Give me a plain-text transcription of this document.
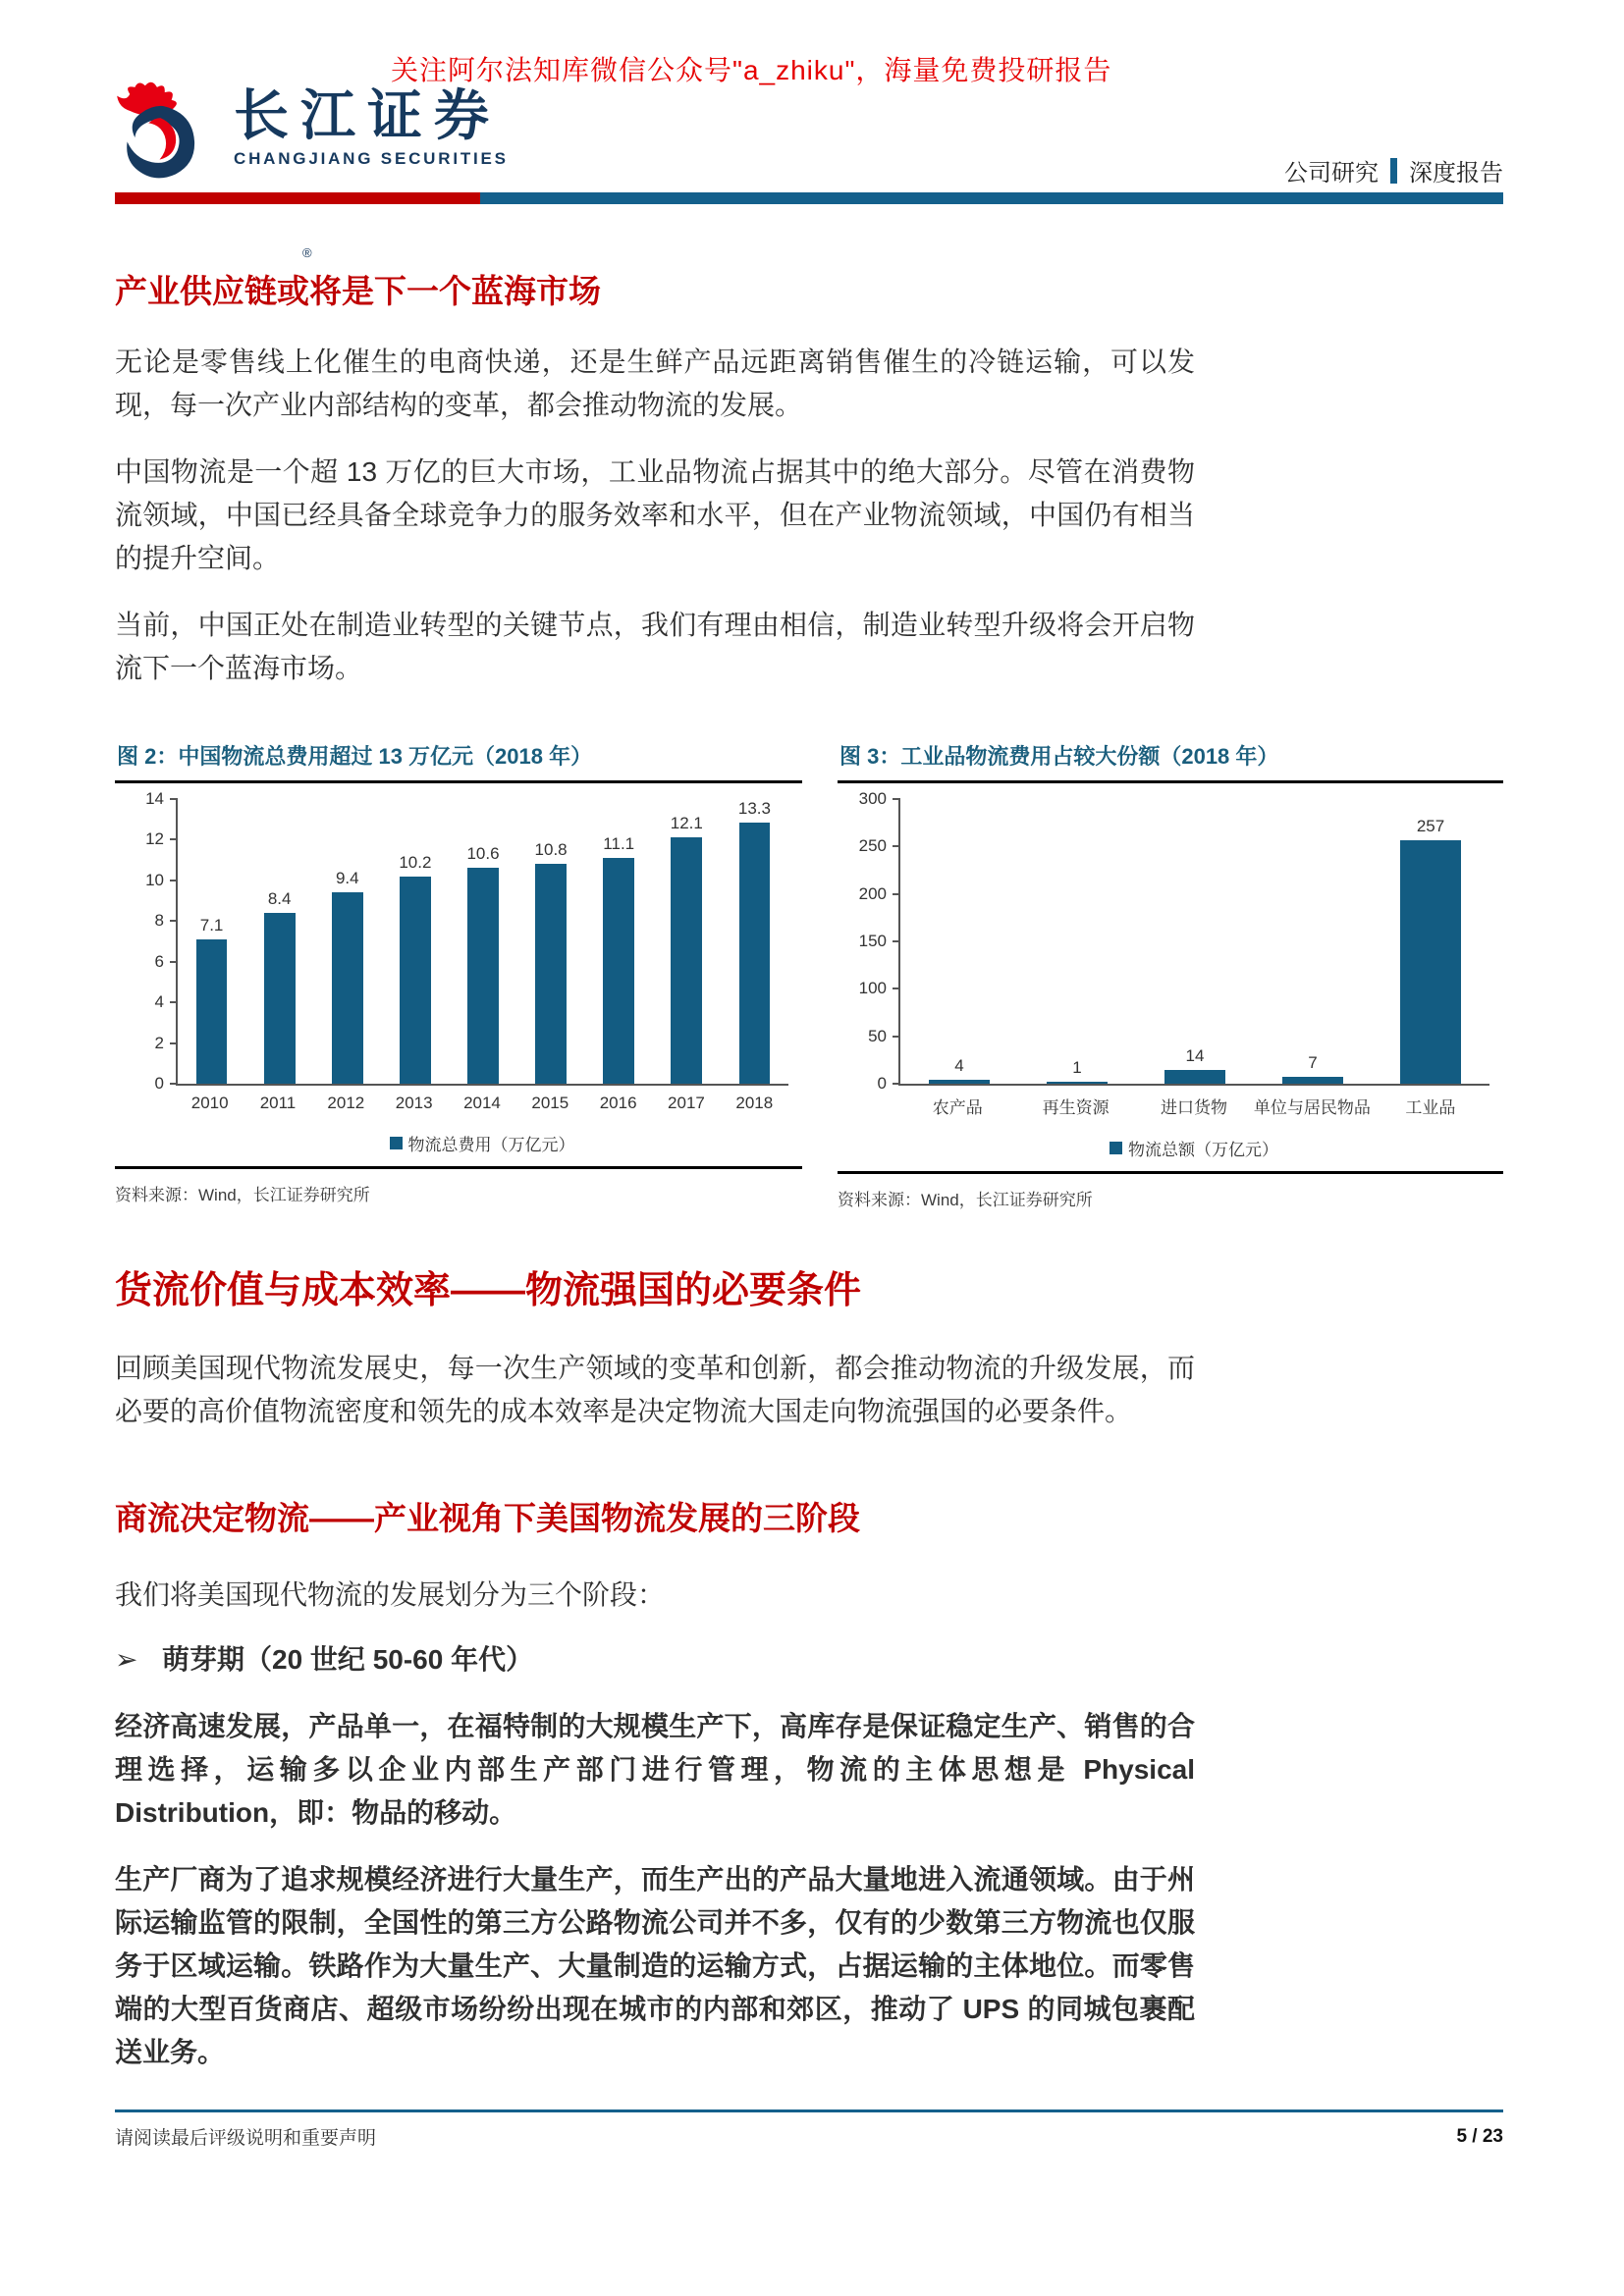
关注阿尔法知库微信公众号"a_zhiku"，海量免费投研报告
®
长江证券
CHANGJIANG SECURITIES
公司研究 深度报告
产业供应链或将是下一个蓝海市场

无论是零售线上化催生的电商快递，还是生鲜产品远距离销售催生的冷链运输，可以发现，每一次产业内部结构的变革，都会推动物流的发展。

中国物流是一个超 13 万亿的巨大市场，工业品物流占据其中的绝大部分。尽管在消费物流领域，中国已经具备全球竞争力的服务效率和水平，但在产业物流领域，中国仍有相当的提升空间。

当前，中国正处在制造业转型的关键节点，我们有理由相信，制造业转型升级将会开启物流下一个蓝海市场。

图 2：中国物流总费用超过 13 万亿元（2018 年）
7.1
8.4
9.4
10.2 10.6 10.8 11.1
12.1
13.3
0
2
4
6
8
10
12
14
2010	2011	2012	2013	2014	2015	2016	2017	2018
物流总费用（万亿元）
资料来源：Wind，长江证券研究所
图 3：工业品物流费用占较大份额（2018 年）
4	1
14	7
257
0
50
100
150
200
250
300
农产品	再生资源	进口货物	单位与居民物品	工业品
物流总额（万亿元）
资料来源：Wind，长江证券研究所
货流价值与成本效率——物流强国的必要条件

回顾美国现代物流发展史，每一次生产领域的变革和创新，都会推动物流的升级发展，而必要的高价值物流密度和领先的成本效率是决定物流大国走向物流强国的必要条件。

商流决定物流——产业视角下美国物流发展的三阶段

我们将美国现代物流的发展划分为三个阶段：

➢ 萌芽期（20 世纪 50-60 年代）

经济高速发展，产品单一，在福特制的大规模生产下，高库存是保证稳定生产、销售的合理选择，运输多以企业内部生产部门进行管理，物流的主体思想是 Physical Distribution，即：物品的移动。

生产厂商为了追求规模经济进行大量生产，而生产出的产品大量地进入流通领域。由于州际运输监管的限制，全国性的第三方公路物流公司并不多，仅有的少数第三方物流也仅服务于区域运输。铁路作为大量生产、大量制造的运输方式，占据运输的主体地位。而零售端的大型百货商店、超级市场纷纷出现在城市的内部和郊区，推动了 UPS 的同城包裹配送业务。

请阅读最后评级说明和重要声明	5 / 23
